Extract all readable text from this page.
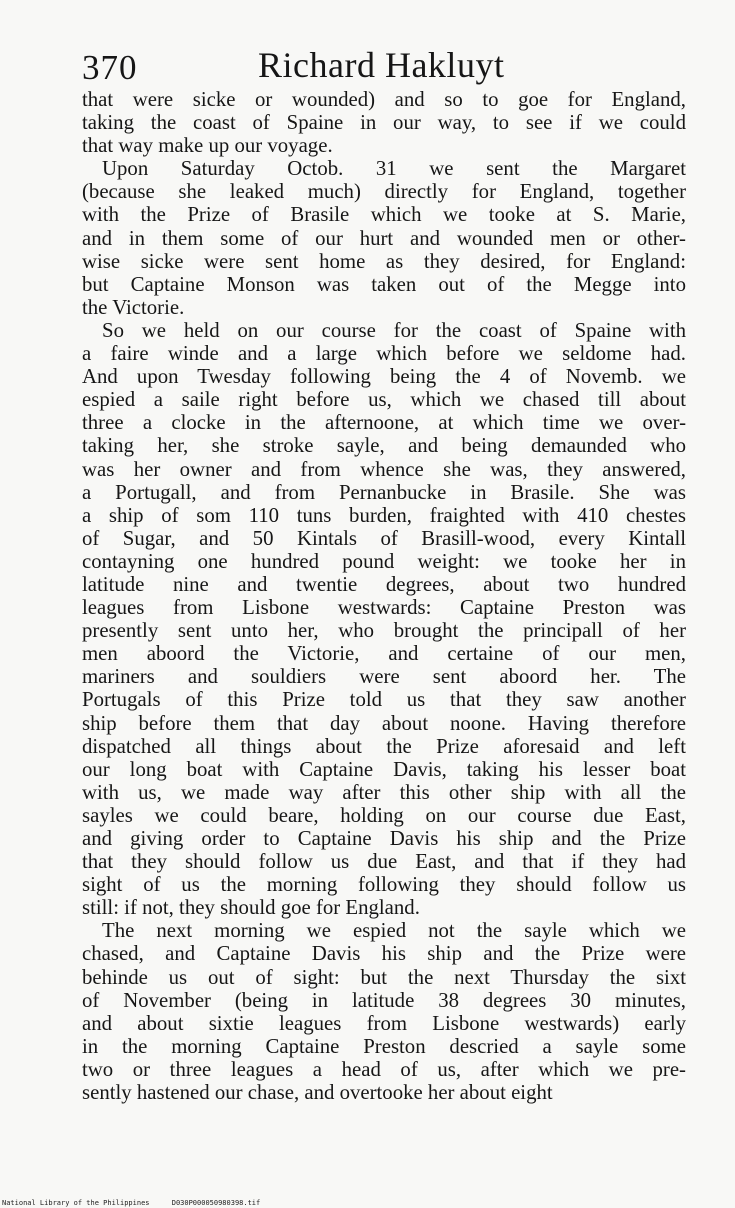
370	Richard Hakluyt
that were sicke or wounded) and so to goe for England,
taking the coast of Spaine in our way, to see if we could
that way make up our voyage.
Upon Saturday Octob. 31 we sent the Margaret
(because she leaked much) directly for England, together
with the Prize of Brasile which we tooke at S. Marie,
and in them some of our hurt and wounded men or other-
wise sicke were sent home as they desired, for England:
but Captaine Monson was taken out of the Megge into
the Victorie.
So we held on our course for the coast of Spaine with
a faire winde and a large which before we seldome had.
And upon Twesday following being the 4 of Novemb. we
espied a saile right before us, which we chased till about
three a clocke in the afternoone, at which time we over-
taking her, she stroke sayle, and being demaunded who
was her owner and from whence she was, they answered,
a Portugall, and from Pernanbucke in Brasile. She was
a ship of som 110 tuns burden, fraighted with 410 chestes
of Sugar, and 50 Kintals of Brasill-wood, every Kintall
contayning one hundred pound weight: we tooke her in
latitude nine and twentie degrees, about two hundred
leagues from Lisbone westwards: Captaine Preston was
presently sent unto her, who brought the principall of her
men aboord the Victorie, and certaine of our men,
mariners and souldiers were sent aboord her. The
Portugals of this Prize told us that they saw another
ship before them that day about noone. Having therefore
dispatched all things about the Prize aforesaid and left
our long boat with Captaine Davis, taking his lesser boat
with us, we made way after this other ship with all the
sayles we could beare, holding on our course due East,
and giving order to Captaine Davis his ship and the Prize
that they should follow us due East, and that if they had
sight of us the morning following they should follow us
still: if not, they should goe for England.
The next morning we espied not the sayle which we
chased, and Captaine Davis his ship and the Prize were
behinde us out of sight: but the next Thursday the sixt
of November (being in latitude 38 degrees 30 minutes,
and about sixtie leagues from Lisbone westwards) early
in the morning Captaine Preston descried a sayle some
two or three leagues a head of us, after which we pre-
sently hastened our chase, and overtooke her about eight
National Library of the Philippines	D030P000050980398.tif
